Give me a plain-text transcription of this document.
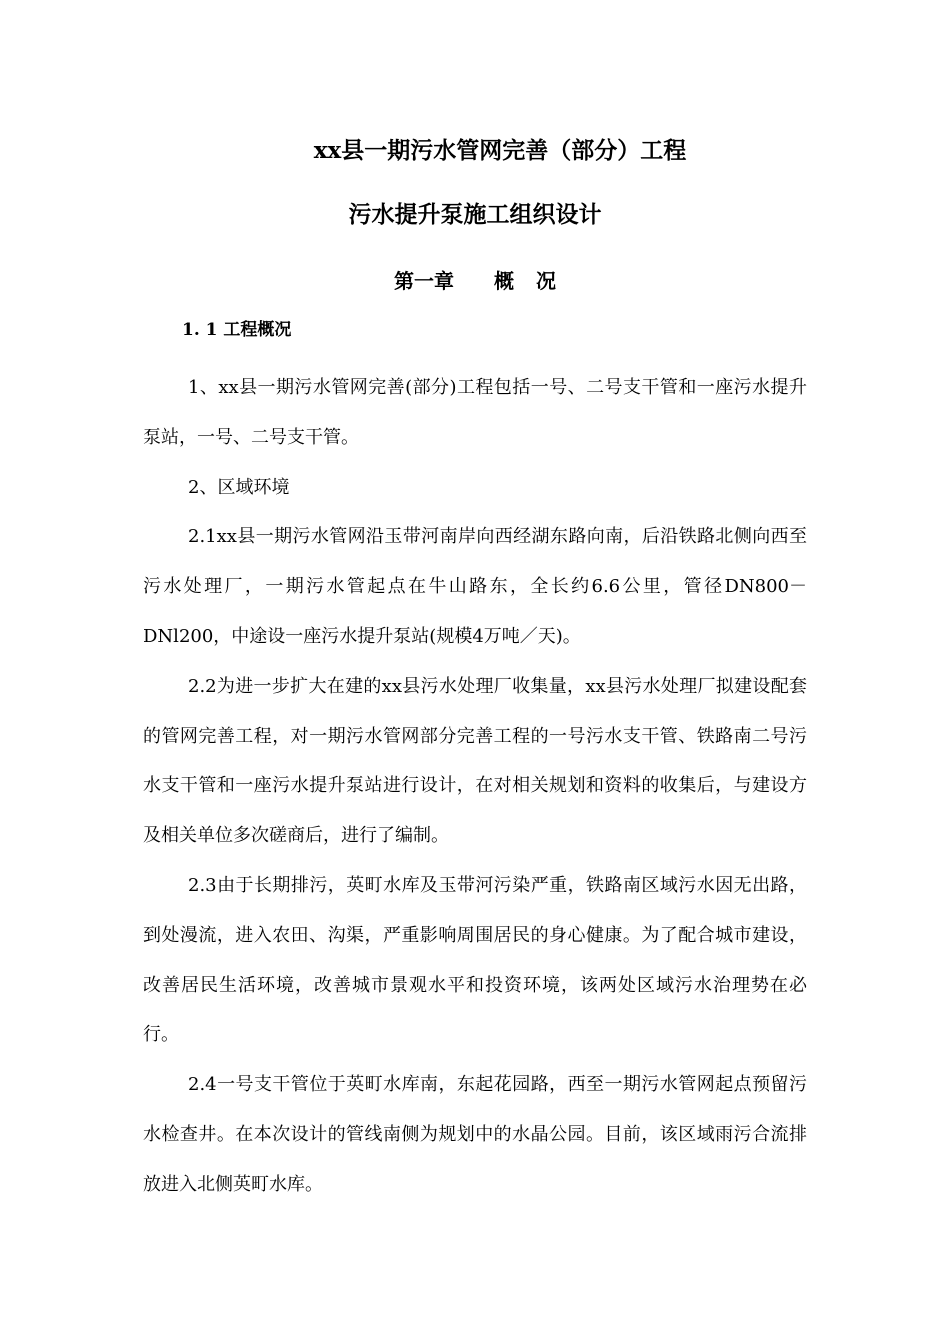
xx县一期污水管网完善（部分）工程
污水提升泵施工组织设计
第一章 概 况
1. 1 工程概况

1、xx县一期污水管网完善(部分)工程包括一号、二号支干管和一座污水提升泵站，一号、二号支干管。

2、区域环境

2.1xx县一期污水管网沿玉带河南岸向西经湖东路向南，后沿铁路北侧向西至污水处理厂，一期污水管起点在牛山路东，全长约6.6公里，管径DN800－DNl200，中途设一座污水提升泵站(规模4万吨／天)。

2.2为进一步扩大在建的xx县污水处理厂收集量，xx县污水处理厂拟建设配套的管网完善工程，对一期污水管网部分完善工程的一号污水支干管、铁路南二号污水支干管和一座污水提升泵站进行设计，在对相关规划和资料的收集后，与建设方及相关单位多次磋商后，进行了编制。

2.3由于长期排污，英町水库及玉带河污染严重，铁路南区域污水因无出路，到处漫流，进入农田、沟渠，严重影响周围居民的身心健康。为了配合城市建设，改善居民生活环境，改善城市景观水平和投资环境，该两处区域污水治理势在必行。

2.4一号支干管位于英町水库南，东起花园路，西至一期污水管网起点预留污水检查井。在本次设计的管线南侧为规划中的水晶公园。目前，该区域雨污合流排放进入北侧英町水库。
